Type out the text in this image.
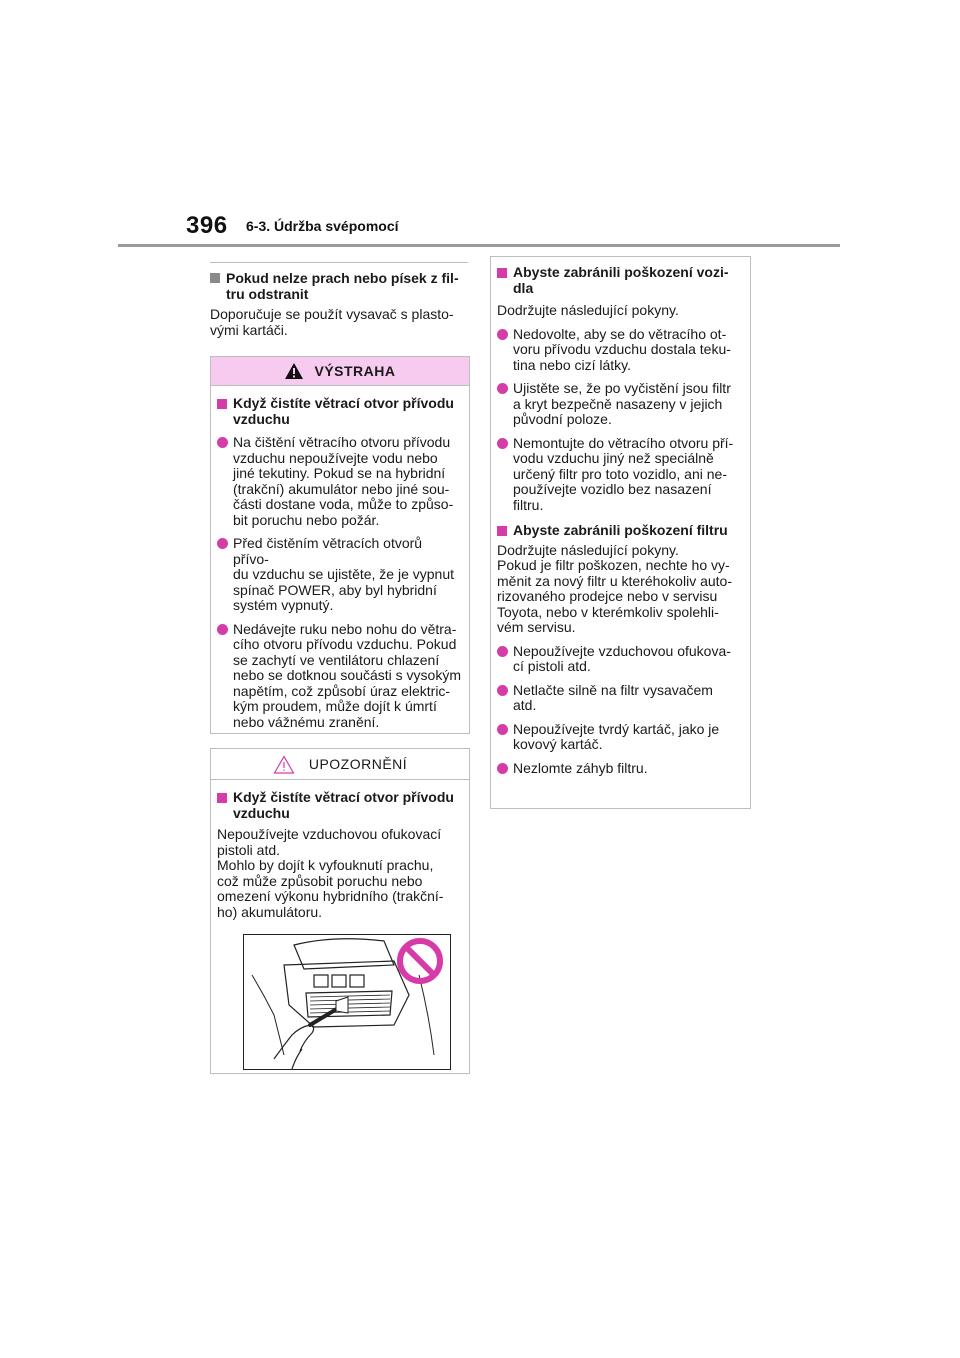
396 6-3. Údržba svépomocí

Pokud nelze prach nebo písek z fil-
tru odstranit

Doporučuje se použít vysavač s plasto-
vými kartáči.

VÝSTRAHA

Když čistíte větrací otvor přívodu
vzduchu

Na čištění větracího otvoru přívodu
vzduchu nepoužívejte vodu nebo
jiné tekutiny. Pokud se na hybridní
(trakční) akumulátor nebo jiné sou-
části dostane voda, může to způso-
bit poruchu nebo požár.

Před čistěním větracích otvorů přívo-
du vzduchu se ujistěte, že je vypnut
spínač POWER, aby byl hybridní
systém vypnutý.

Nedávejte ruku nebo nohu do větra-
cího otvoru přívodu vzduchu. Pokud
se zachytí ve ventilátoru chlazení
nebo se dotknou součásti s vysokým
napětím, což způsobí úraz elektric-
kým proudem, může dojít k úmrtí
nebo vážnému zranění.

UPOZORNĚNÍ

Když čistíte větrací otvor přívodu
vzduchu

Nepoužívejte vzduchovou ofukovací
pistoli atd.
Mohlo by dojít k vyfouknutí prachu,
což může způsobit poruchu nebo
omezení výkonu hybridního (trakční-
ho) akumulátoru.

Abyste zabránili poškození vozi-
dla

Dodržujte následující pokyny.

Nedovolte, aby se do větracího ot-
voru přívodu vzduchu dostala teku-
tina nebo cizí látky.

Ujistěte se, že po vyčistění jsou filtr
a kryt bezpečně nasazeny v jejich
původní poloze.

Nemontujte do větracího otvoru pří-
vodu vzduchu jiný než speciálně
určený filtr pro toto vozidlo, ani ne-
používejte vozidlo bez nasazení
filtru.

Abyste zabránili poškození filtru

Dodržujte následující pokyny.
Pokud je filtr poškozen, nechte ho vy-
měnit za nový filtr u kteréhokoliv auto-
rizovaného prodejce nebo v servisu
Toyota, nebo v kterémkoliv spolehli-
vém servisu.

Nepoužívejte vzduchovou ofukova-
cí pistoli atd.

Netlačte silně na filtr vysavačem
atd.

Nepoužívejte tvrdý kartáč, jako je
kovový kartáč.

Nezlomte záhyb filtru.
